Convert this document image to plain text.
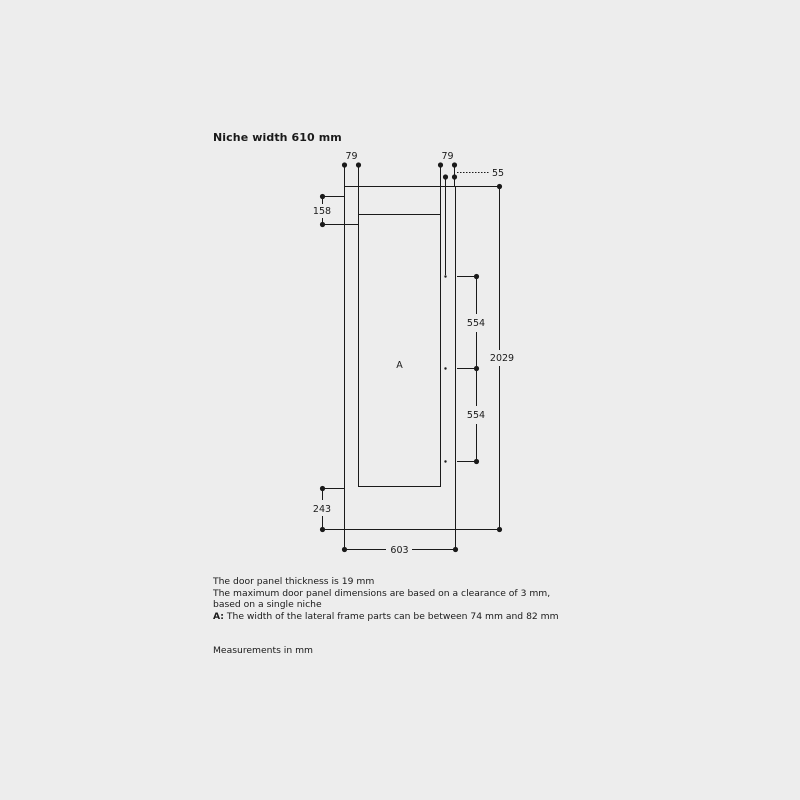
Niche width 610 mm
79	79
55
158
2029
554
554
243
603
A
The door panel thickness is 19 mm
The maximum door panel dimensions are based on a clearance of 3 mm,
based on a single niche
A: The width of the lateral frame parts can be between 74 mm and 82 mm
Measurements in mm
